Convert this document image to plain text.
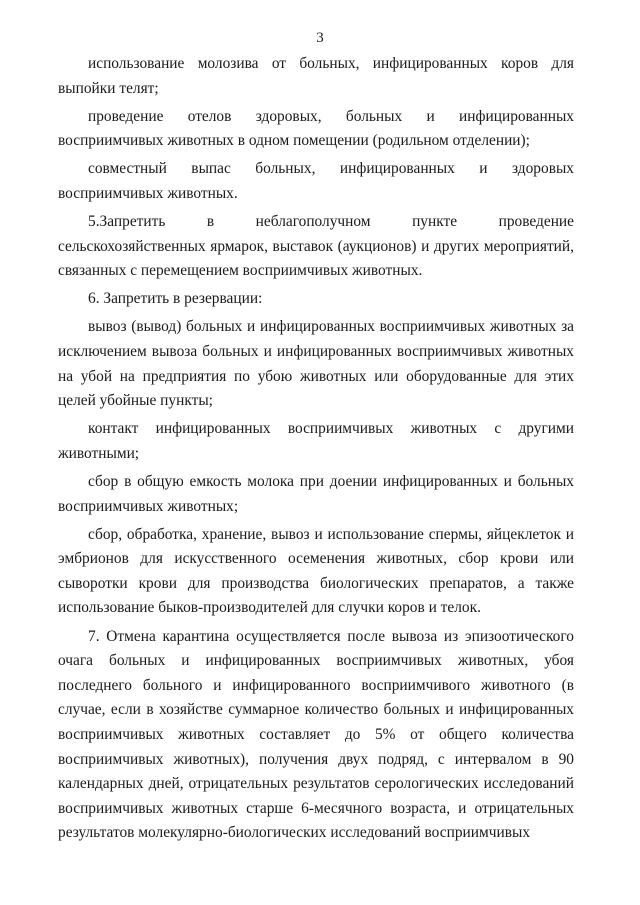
3

использование молозива от больных, инфицированных коров для выпойки телят;

проведение отелов здоровых, больных и инфицированных восприимчивых животных в одном помещении (родильном отделении);

совместный выпас больных, инфицированных и здоровых восприимчивых животных.

5.Запретить в неблагополучном пункте проведение сельскохозяйственных ярмарок, выставок (аукционов) и других мероприятий, связанных с перемещением восприимчивых животных.

6. Запретить в резервации:

вывоз (вывод) больных и инфицированных восприимчивых животных за исключением вывоза больных и инфицированных восприимчивых животных на убой на предприятия по убою животных или оборудованные для этих целей убойные пункты;

контакт инфицированных восприимчивых животных с другими животными;

сбор в общую емкость молока при доении инфицированных и больных восприимчивых животных;

сбор, обработка, хранение, вывоз и использование спермы, яйцеклеток и эмбрионов для искусственного осеменения животных, сбор крови или сыворотки крови для производства биологических препаратов, а также использование быков-производителей для случки коров и телок.

7. Отмена карантина осуществляется после вывоза из эпизоотического очага больных и инфицированных восприимчивых животных, убоя последнего больного и инфицированного восприимчивого животного (в случае, если в хозяйстве суммарное количество больных и инфицированных восприимчивых животных составляет до 5% от общего количества восприимчивых животных), получения двух подряд, с интервалом в 90 календарных дней, отрицательных результатов серологических исследований восприимчивых животных старше 6-месячного возраста, и отрицательных результатов молекулярно-биологических исследований восприимчивых
